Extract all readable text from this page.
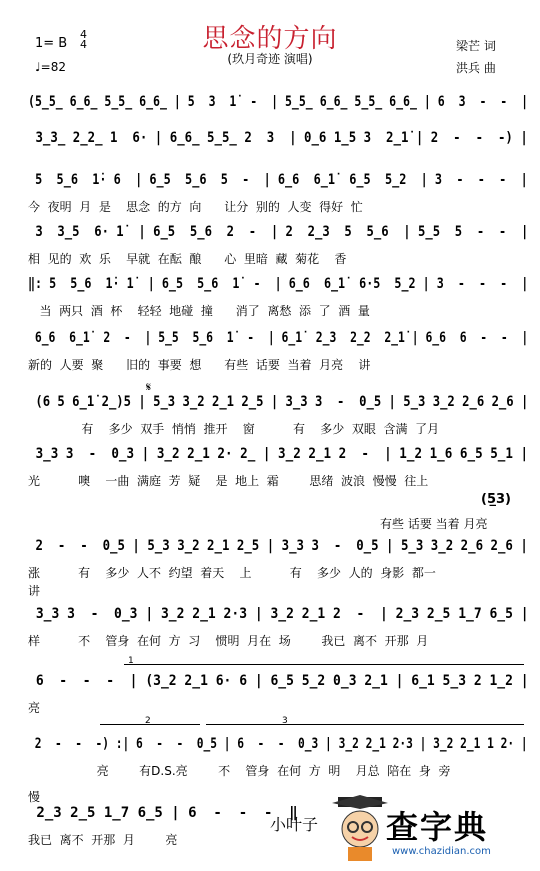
思念的方向
(玖月奇迹 演唱)
1= B
4
4
♩=82
梁芒 词
洪兵 曲
(5̲5̲ 6̲6̲ 5̲5̲ 6̲6̲ | 5  3  1̇  -  | 5̲5̲ 6̲6̲ 5̲5̲ 6̲6̲ | 6  3  -  -  |
3̲3̲ 2̲2̲ 1  6· | 6̲6̲ 5̲5̲ 2  3  | 0̲6 1̲5 3  2̲1̇ | 2  -  -  -) |
5  5̲6  1̇· 6  | 6̲5  5̲6  5  -  | 6̲6  6̲1̇  6̲5  5̲2  | 3  -  -  -  |
今  夜明  月  是    思念  的方  向      让分  别的  人变  得好  忙
3  3̲5  6· 1̇  | 6̲5  5̲6  2  -  | 2  2̲3  5  5̲6  | 5̲5  5  -  -  |
相  见的  欢  乐    早就  在酝  酿      心  里暗  藏  菊花    香
‖: 5  5̲6  1̇· 1̇  | 6̲5  5̲6  1̇  -  | 6̲6  6̲1̇  6·5  5̲2 | 3  -  -  -  |
当  两只  酒  杯    轻轻  地碰  撞      消了  离愁  添  了  酒  量
6̲6  6̲1̇  2  -  | 5̲5  5̲6  1̇  -  | 6̲1̇  2̲3  2̲2  2̲1̇ | 6̲6  6  -  -  |
新的  人要  聚      旧的  事要  想      有些  话要  当着  月亮    讲
(6 5 6̲1̇ 2̲)5 | 5̲3 3̲2 2̲1 2̲5 | 3̲3 3  -  0̲5 | 5̲3 3̲2 2̲6 2̲6 |
有    多少  双手  悄悄  推开    窗          有    多少  双眼  含满  了月
3̲3 3  -  0̲3 | 3̲2 2̲1 2· 2̲ | 3̲2 2̲1 2  -  | 1̲2 1̲6 6̲5 5̲1 |
光          噢    一曲  满庭  芳  疑    是  地上  霜        思绪  波浪  慢慢  往上
2  -  -  0̲5 | 5̲3 3̲2 2̲1 2̲5 | 3̲3 3  -  0̲5 | 5̲3 3̲2 2̲6 2̲6 |
涨          有    多少  人不  约望  着天    上          有    多少  人的  身影  都一
3̲3 3  -  0̲3 | 3̲2 2̲1 2·3 | 3̲2 2̲1 2  -  | 2̲3 2̲5 1̲7 6̲5 |
样          不    管身  在何  方  习    惯明  月在  场        我已  离不  开那  月
6  -  -  -  | (3̲2 2̲1 6· 6 | 6̲5 5̲2 0̲3 2̲1 | 6̲1 5̲3 2 1̲2 |
亮
2  -  -  -) :| 6  -  -  0̲5 | 6  -  -  0̲3 | 3̲2 2̲1 2·3 | 3̲2 2̲1 1 2· |
亮        有D.S.亮        不    管身  在何  方  明    月总  陪在  身  旁
2̲3 2̲5 1̲7 6̲5 | 6  -  -  -  ‖
我已  离不  开那  月        亮
(5̲3)
有些 话要 当着 月亮
讲
慢
𝄋
1
2	3
小叶子 查字典
www.chazidian.com
